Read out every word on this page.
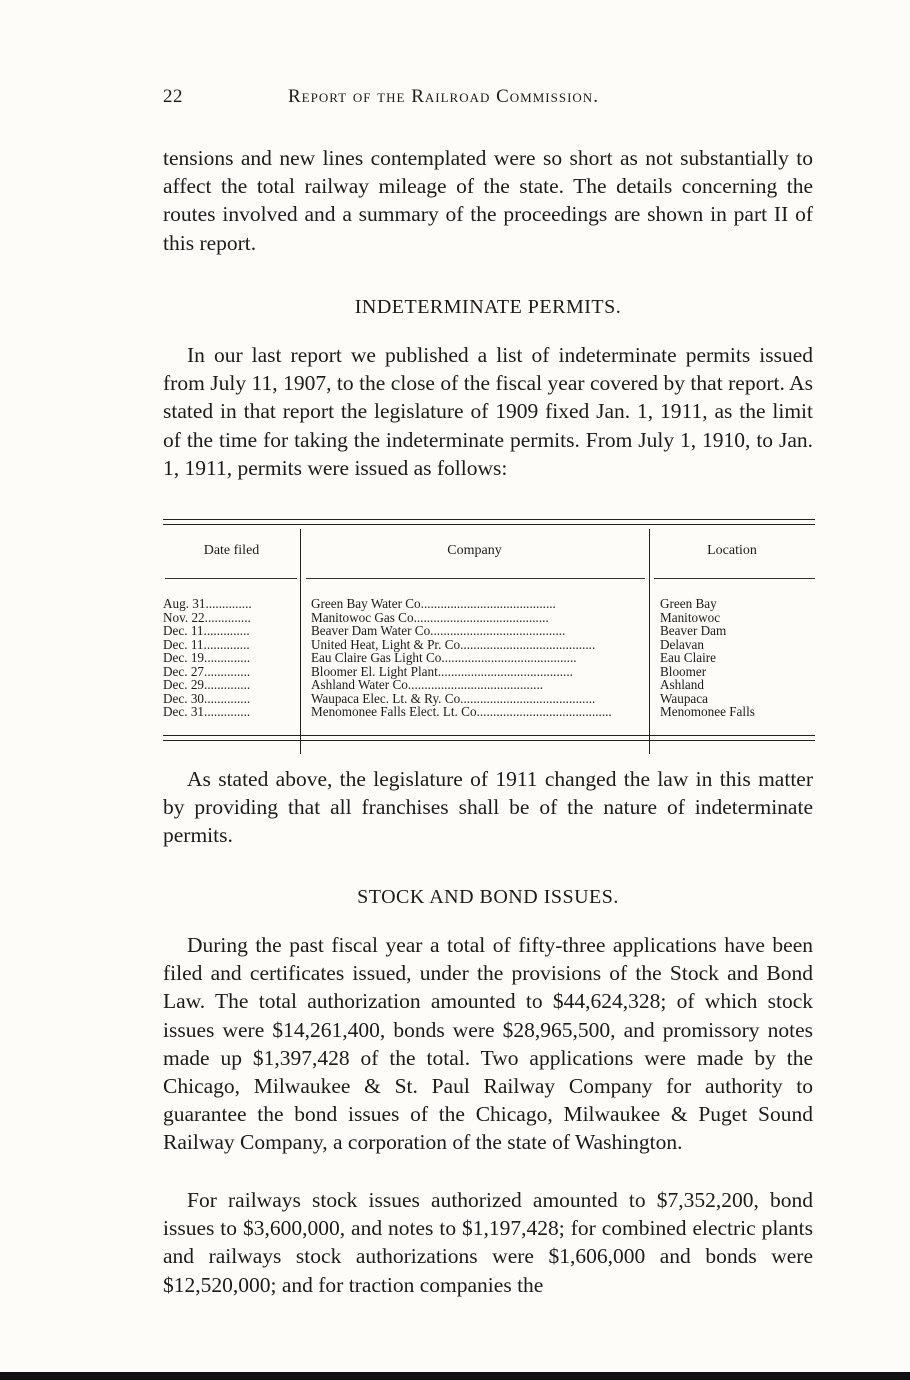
22	Report of the Railroad Commission.

tensions and new lines contemplated were so short as not substantially to affect the total railway mileage of the state. The details concerning the routes involved and a summary of the proceedings are shown in part II of this report.

INDETERMINATE PERMITS.

In our last report we published a list of indeterminate permits issued from July 11, 1907, to the close of the fiscal year covered by that report. As stated in that report the legislature of 1909 fixed Jan. 1, 1911, as the limit of the time for taking the indeterminate permits. From July 1, 1910, to Jan. 1, 1911, permits were issued as follows:

Date filed	Company	Location
Aug. 31..............	Green Bay Water Co.........................................	Green Bay
Nov. 22..............	Manitowoc Gas Co.........................................	Manitowoc
Dec. 11..............	Beaver Dam Water Co.........................................	Beaver Dam
Dec. 11..............	United Heat, Light & Pr. Co.........................................	Delavan
Dec. 19..............	Eau Claire Gas Light Co.........................................	Eau Claire
Dec. 27..............	Bloomer El. Light Plant.........................................	Bloomer
Dec. 29..............	Ashland Water Co.........................................	Ashland
Dec. 30..............	Waupaca Elec. Lt. & Ry. Co.........................................	Waupaca
Dec. 31..............	Menomonee Falls Elect. Lt. Co.........................................	Menomonee Falls

As stated above, the legislature of 1911 changed the law in this matter by providing that all franchises shall be of the nature of indeterminate permits.

STOCK AND BOND ISSUES.

During the past fiscal year a total of fifty-three applications have been filed and certificates issued, under the provisions of the Stock and Bond Law. The total authorization amounted to $44,624,328; of which stock issues were $14,261,400, bonds were $28,965,500, and promissory notes made up $1,397,428 of the total. Two applications were made by the Chicago, Milwaukee & St. Paul Railway Company for authority to guarantee the bond issues of the Chicago, Milwaukee & Puget Sound Railway Company, a corporation of the state of Washington.

For railways stock issues authorized amounted to $7,352,200, bond issues to $3,600,000, and notes to $1,197,428; for combined electric plants and railways stock authorizations were $1,606,000 and bonds were $12,520,000; and for traction companies the
